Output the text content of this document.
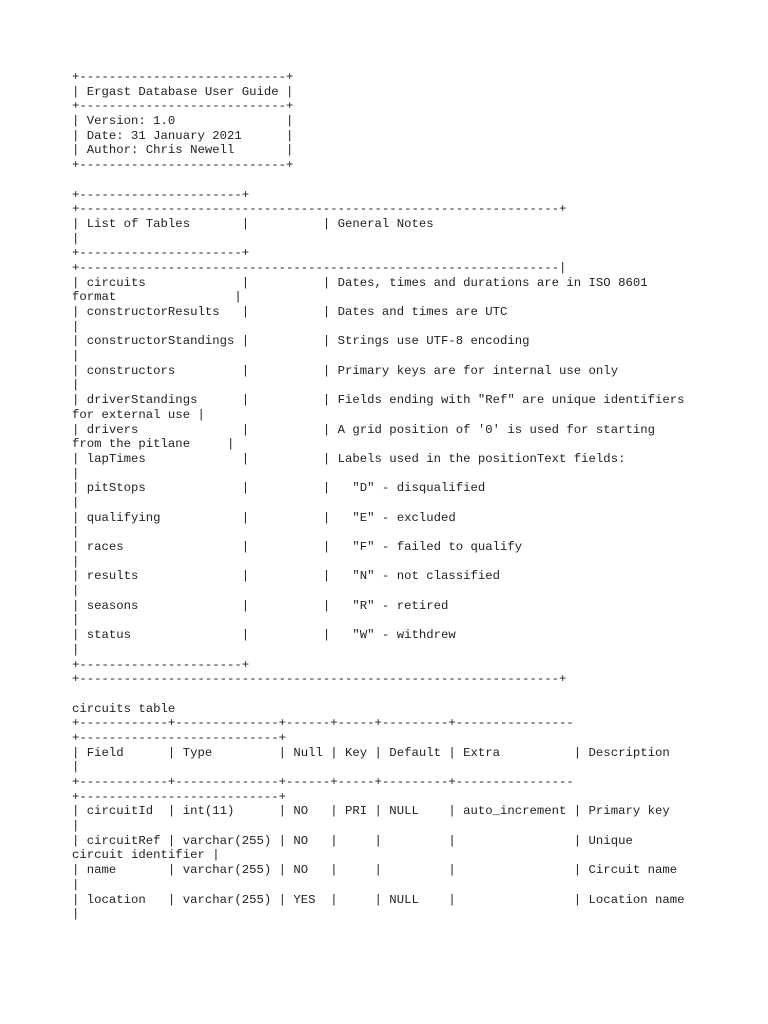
+----------------------------+
| Ergast Database User Guide |
+----------------------------+
| Version: 1.0               |
| Date: 31 January 2021      |
| Author: Chris Newell       |
+----------------------------+
+----------------------+
+-----------------------------------------------------------------+
| List of Tables       |          | General Notes
|
+----------------------+
+-----------------------------------------------------------------|
| circuits             |          | Dates, times and durations are in ISO 8601
format                |
| constructorResults   |          | Dates and times are UTC
|
| constructorStandings |          | Strings use UTF-8 encoding
|
| constructors         |          | Primary keys are for internal use only
|
| driverStandings      |          | Fields ending with "Ref" are unique identifiers
for external use |
| drivers              |          | A grid position of '0' is used for starting
from the pitlane     |
| lapTimes             |          | Labels used in the positionText fields:
|
| pitStops             |          |   "D" - disqualified
|
| qualifying           |          |   "E" - excluded
|
| races                |          |   "F" - failed to qualify
|
| results              |          |   "N" - not classified
|
| seasons              |          |   "R" - retired
|
| status               |          |   "W" - withdrew
|
+----------------------+
+-----------------------------------------------------------------+
circuits table
+------------+--------------+------+-----+---------+----------------
+---------------------------+
| Field      | Type         | Null | Key | Default | Extra          | Description
|
+------------+--------------+------+-----+---------+----------------
+---------------------------+
| circuitId  | int(11)      | NO   | PRI | NULL    | auto_increment | Primary key
|
| circuitRef | varchar(255) | NO   |     |         |                | Unique
circuit identifier |
| name       | varchar(255) | NO   |     |         |                | Circuit name
|
| location   | varchar(255) | YES  |     | NULL    |                | Location name
|
